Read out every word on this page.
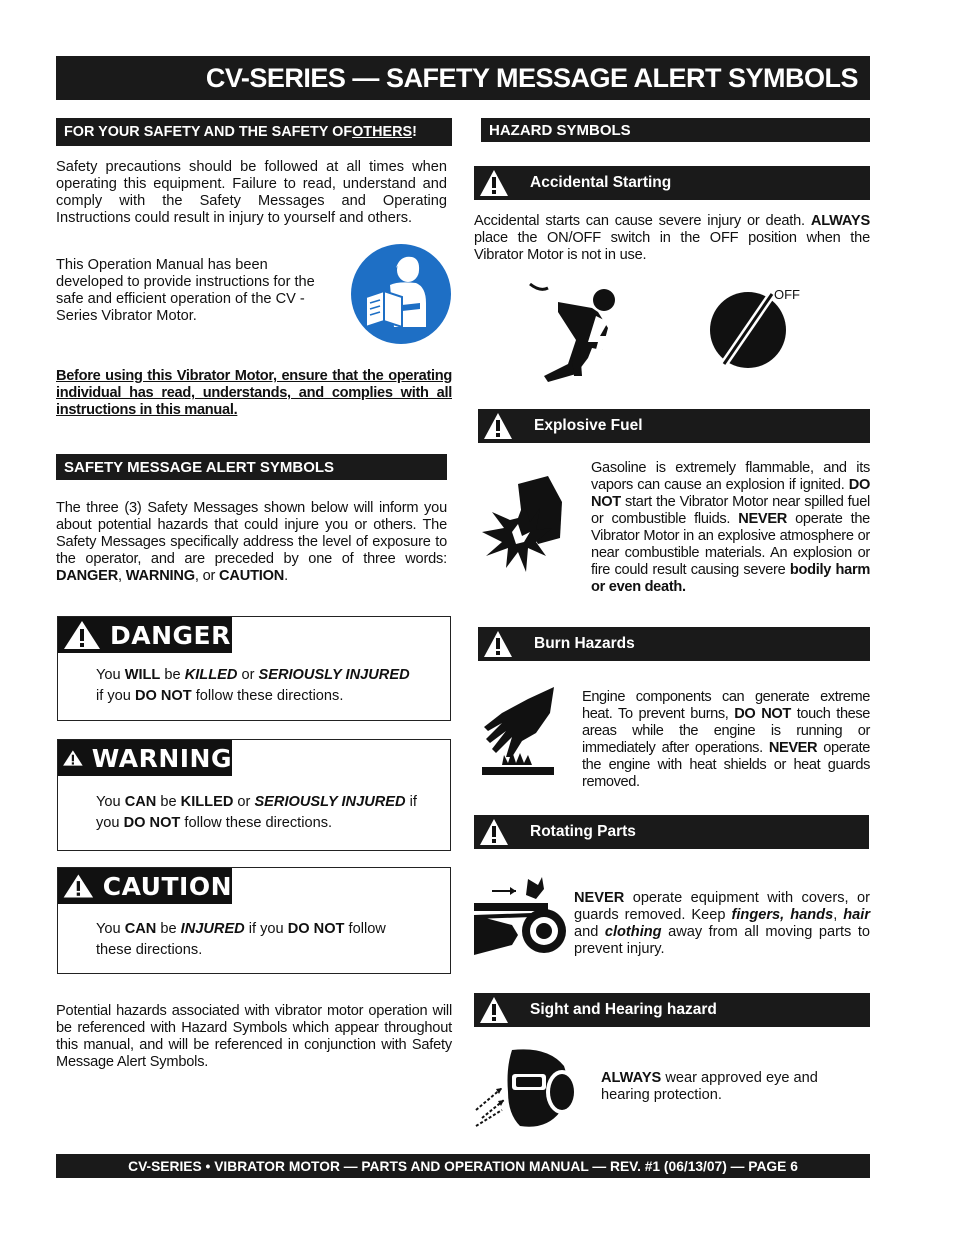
CV-SERIES — SAFETY MESSAGE ALERT SYMBOLS
FOR YOUR SAFETY AND THE SAFETY OF OTHERS !
Safety precautions should be followed at all times when operating this equipment. Failure to read, understand and comply with the Safety Messages and Operating Instructions could result in injury to yourself and others.
This Operation Manual has been developed to provide instructions for the safe and efficient operation of the CV - Series Vibrator Motor.
Before using this Vibrator Motor, ensure that the operating individual has read, understands, and complies with all instructions in this manual.
SAFETY MESSAGE ALERT SYMBOLS
The three (3) Safety Messages shown below will inform you about potential hazards that could injure you or others. The Safety Messages specifically address the level of exposure to the operator, and are preceded by one of three words: DANGER, WARNING, or CAUTION.
DANGER
You WILL be KILLED or SERIOUSLY INJURED
if you DO NOT follow these directions.
WARNING
You CAN be KILLED or SERIOUSLY INJURED if
you DO NOT follow these directions.
CAUTION
You CAN be INJURED if you DO NOT follow
these directions.
Potential hazards associated with vibrator motor operation will be referenced with Hazard Symbols which appear throughout this manual, and will be referenced in conjunction with Safety Message Alert Symbols.
HAZARD SYMBOLS
Accidental Starting
Accidental starts can cause severe injury or death. ALWAYS place the ON/OFF switch in the OFF position when the Vibrator Motor is not in use.
OFF
Explosive Fuel
Gasoline is extremely flammable, and its vapors can cause an explosion if ignited. DO NOT start the Vibrator Motor near spilled fuel or combustible fluids. NEVER operate the Vibrator Motor in an explosive atmosphere or near combustible materials. An explosion or fire could result causing severe bodily harm or even death.
Burn Hazards
Engine components can generate extreme heat. To prevent burns, DO NOT touch these areas while the engine is running or immediately after operations. NEVER operate the engine with heat shields or heat guards removed.
Rotating Parts
NEVER operate equipment with covers, or guards removed. Keep fingers, hands, hair and clothing away from all moving parts to prevent injury.
Sight and Hearing hazard
ALWAYS wear approved eye and hearing protection.
CV-SERIES • VIBRATOR MOTOR — PARTS AND OPERATION MANUAL — REV. #1 (06/13/07) — PAGE 6
